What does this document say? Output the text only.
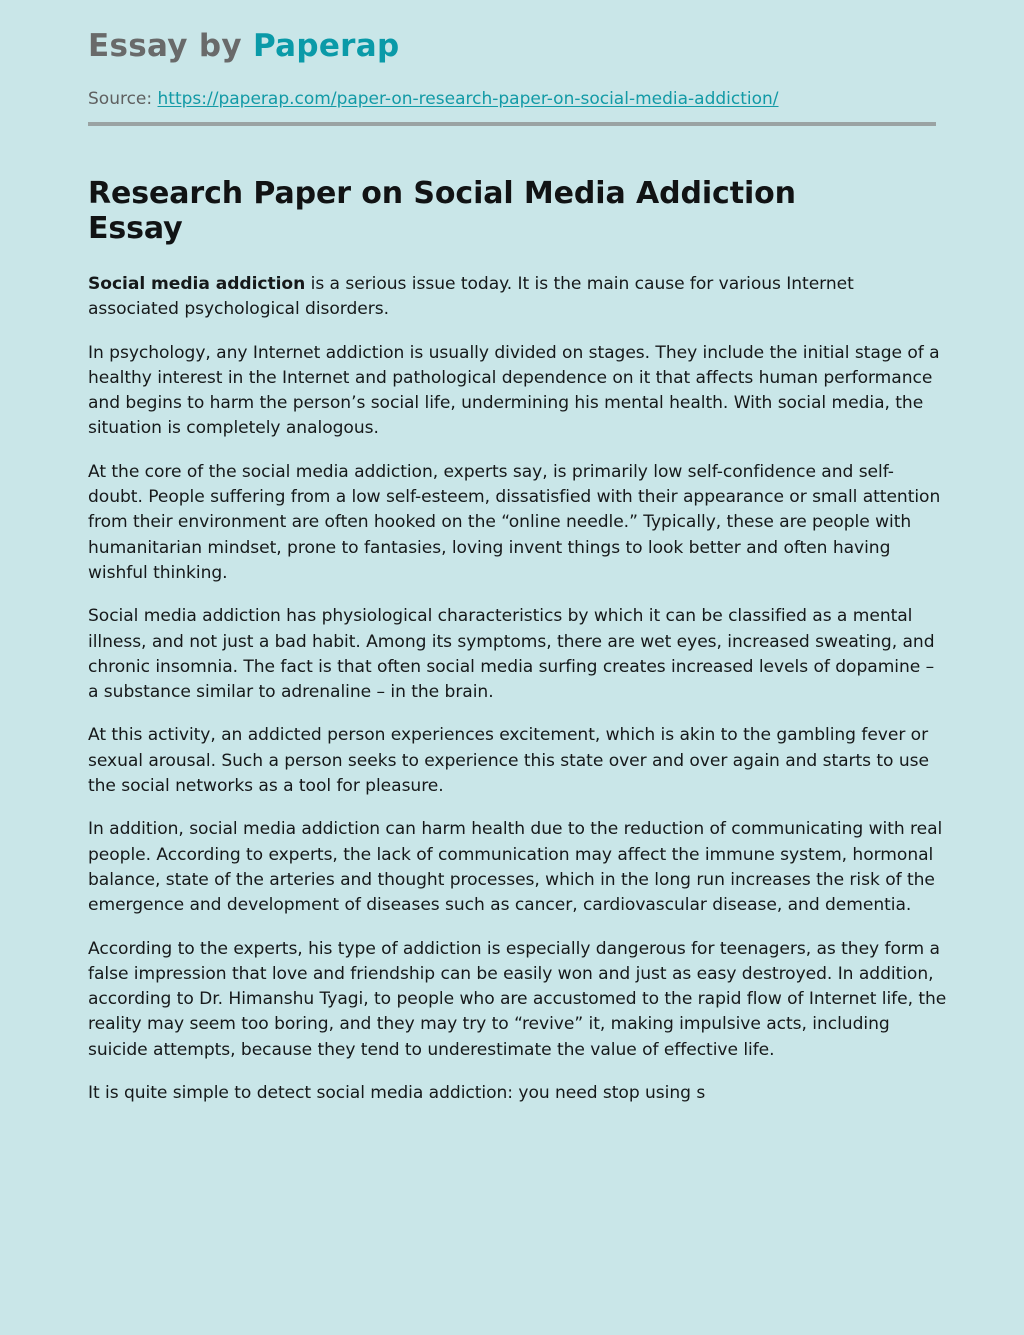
Essay by Paperap
Source: https://paperap.com/paper-on-research-paper-on-social-media-addiction/
Research Paper on Social Media Addiction Essay

Social media addiction is a serious issue today. It is the main cause for various Internet associated psychological disorders.

In psychology, any Internet addiction is usually divided on stages. They include the initial stage of a healthy interest in the Internet and pathological dependence on it that affects human performance and begins to harm the person’s social life, undermining his mental health. With social media, the situation is completely analogous.

At the core of the social media addiction, experts say, is primarily low self-confidence and self-doubt. People suffering from a low self-esteem, dissatisfied with their appearance or small attention from their environment are often hooked on the “online needle.” Typically, these are people with humanitarian mindset, prone to fantasies, loving invent things to look better and often having wishful thinking.

Social media addiction has physiological characteristics by which it can be classified as a mental illness, and not just a bad habit. Among its symptoms, there are wet eyes, increased sweating, and chronic insomnia. The fact is that often social media surfing creates increased levels of dopamine – a substance similar to adrenaline – in the brain.

At this activity, an addicted person experiences excitement, which is akin to the gambling fever or sexual arousal. Such a person seeks to experience this state over and over again and starts to use the social networks as a tool for pleasure.

In addition, social media addiction can harm health due to the reduction of communicating with real people. According to experts, the lack of communication may affect the immune system, hormonal balance, state of the arteries and thought processes, which in the long run increases the risk of the emergence and development of diseases such as cancer, cardiovascular disease, and dementia.

According to the experts, his type of addiction is especially dangerous for teenagers, as they form a false impression that love and friendship can be easily won and just as easy destroyed. In addition, according to Dr. Himanshu Tyagi, to people who are accustomed to the rapid flow of Internet life, the reality may seem too boring, and they may try to “revive” it, making impulsive acts, including suicide attempts, because they tend to underestimate the value of effective life.

It is quite simple to detect social media addiction: you need stop using s
